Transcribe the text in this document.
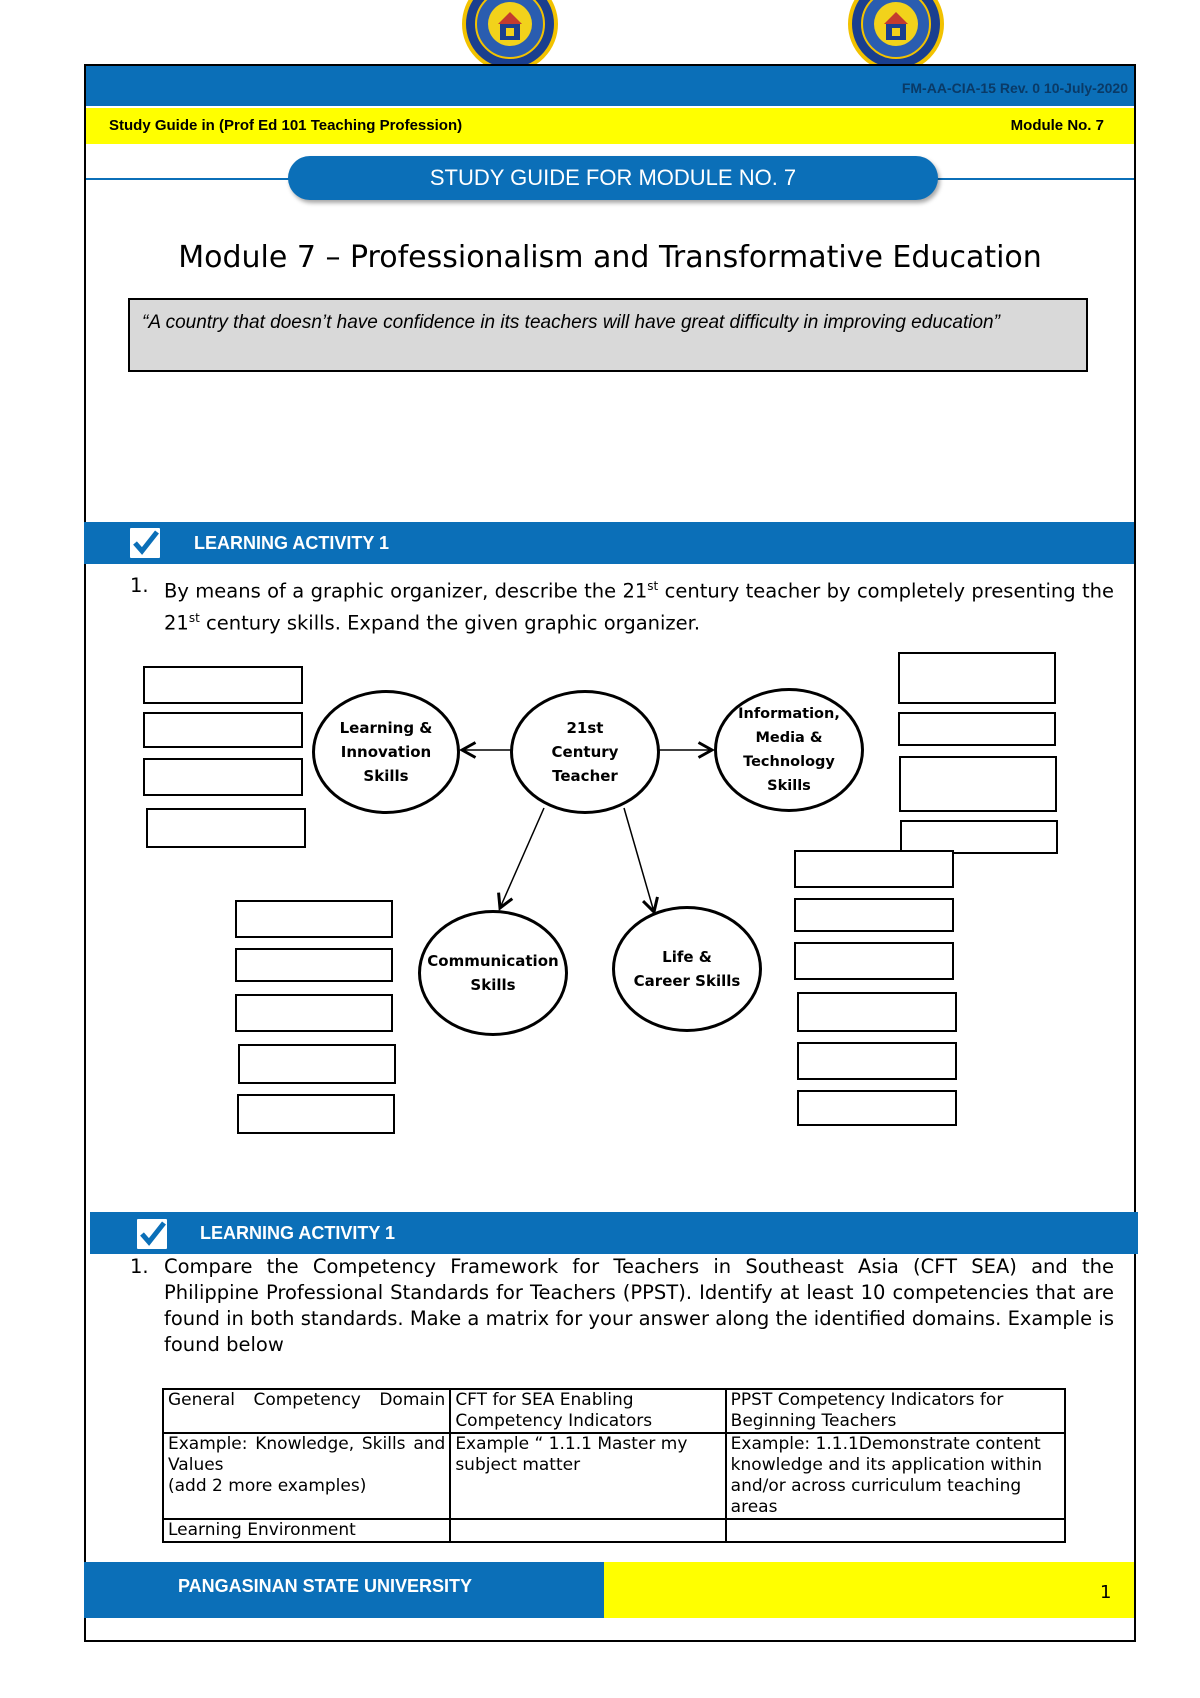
FM-AA-CIA-15 Rev. 0 10-July-2020
Study Guide in (Prof Ed 101 Teaching Profession)	Module No. 7
STUDY GUIDE FOR MODULE NO. 7
Module 7 – Professionalism and Transformative Education
“A country that doesn’t have confidence in its teachers will have great difficulty in improving education”
LEARNING ACTIVITY 1
1. By means of a graphic organizer, describe the 21st century teacher by completely presenting the 21st century skills. Expand the given graphic organizer.
21st
Century
Teacher
Learning &
Innovation
Skills
Information,
Media &
Technology
Skills
Communication
Skills
Life &
Career Skills
LEARNING ACTIVITY 1
1. Compare the Competency Framework for Teachers in Southeast Asia (CFT SEA) and the Philippine Professional Standards for Teachers (PPST). Identify at least 10 competencies that are found in both standards. Make a matrix for your answer along the identified domains. Example is found below
General Competency Domain	CFT for SEA Enabling Competency Indicators	PPST Competency Indicators for Beginning Teachers

Example: Knowledge, Skills and Values
(add 2 more examples)	Example “ 1.1.1 Master my subject matter	Example: 1.1.1Demonstrate content knowledge and its application within and/or across curriculum teaching areas
Learning Environment		
PANGASINAN STATE UNIVERSITY	1
